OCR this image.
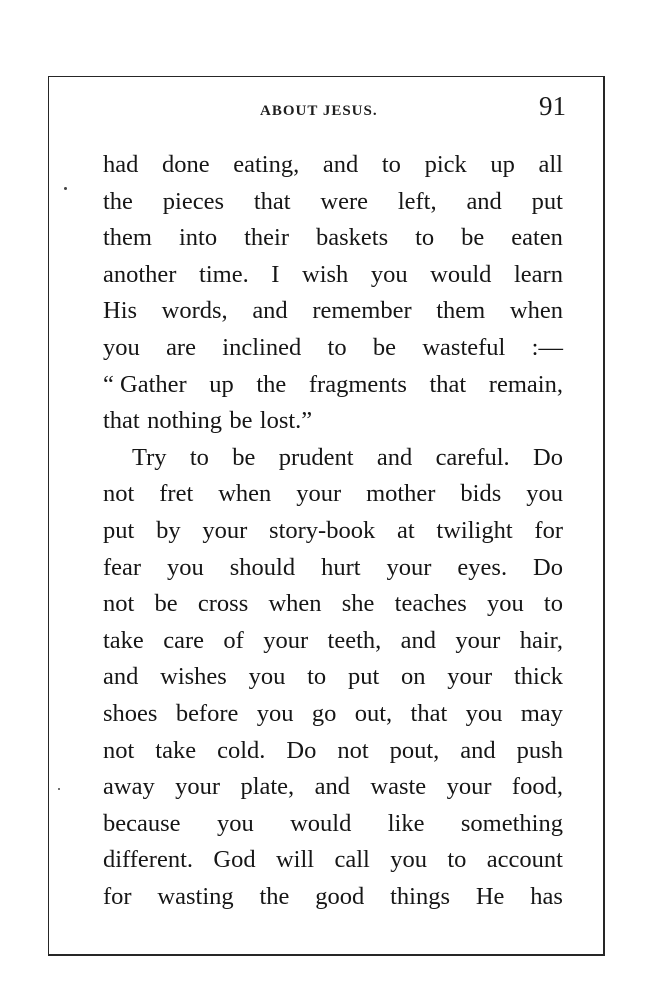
ABOUT JESUS.	91
had done eating, and to pick up all
the pieces that were left, and put
them into their baskets to be eaten
another time. I wish you would learn
His words, and remember them when
you are inclined to be wasteful :—
“ Gather up the fragments that remain,
that nothing be lost.”
Try to be prudent and careful. Do
not fret when your mother bids you
put by your story-book at twilight for
fear you should hurt your eyes. Do
not be cross when she teaches you to
take care of your teeth, and your hair,
and wishes you to put on your thick
shoes before you go out, that you may
not take cold. Do not pout, and push
away your plate, and waste your food,
because you would like something
different. God will call you to account
for wasting the good things He has
